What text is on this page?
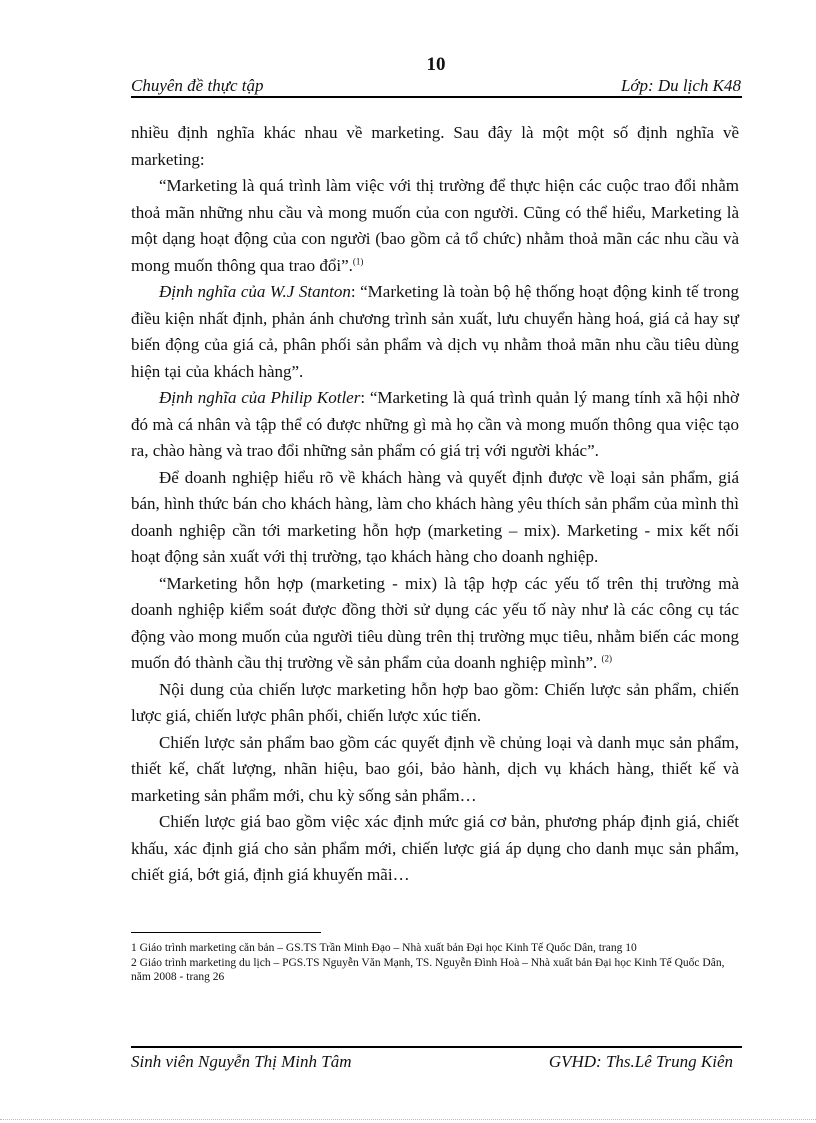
10
Chuyên đề thực tập	Lớp: Du lịch K48

nhiều định nghĩa khác nhau về marketing. Sau đây là một một số định nghĩa về marketing:

“Marketing là quá trình làm việc với thị trường để thực hiện các cuộc trao đổi nhằm thoả mãn những nhu cầu và mong muốn của con người. Cũng có thể hiểu, Marketing là một dạng hoạt động của con người (bao gồm cả tổ chức) nhằm thoả mãn các nhu cầu và mong muốn thông qua trao đổi”.$^{(1)}$

Định nghĩa của W.J Stanton: “Marketing là toàn bộ hệ thống hoạt động kinh tế trong điều kiện nhất định, phản ánh chương trình sản xuất, lưu chuyển hàng hoá, giá cả hay sự biến động của giá cả, phân phối sản phẩm và dịch vụ nhằm thoả mãn nhu cầu tiêu dùng hiện tại của khách hàng”.

Định nghĩa của Philip Kotler: “Marketing là quá trình quản lý mang tính xã hội nhờ đó mà cá nhân và tập thể có được những gì mà họ cần và mong muốn thông qua việc tạo ra, chào hàng và trao đổi những sản phẩm có giá trị với người khác”.

Để doanh nghiệp hiểu rõ về khách hàng và quyết định được về loại sản phẩm, giá bán, hình thức bán cho khách hàng, làm cho khách hàng yêu thích sản phẩm của mình thì doanh nghiệp cần tới marketing hỗn hợp (marketing – mix). Marketing - mix kết nối hoạt động sản xuất với thị trường, tạo khách hàng cho doanh nghiệp.

“Marketing hỗn hợp (marketing - mix) là tập hợp các yếu tố trên thị trường mà doanh nghiệp kiểm soát được đồng thời sử dụng các yếu tố này như là các công cụ tác động vào mong muốn của người tiêu dùng trên thị trường mục tiêu, nhằm biến các mong muốn đó thành cầu thị trường về sản phẩm của doanh nghiệp mình”. $^{(2)}$

Nội dung của chiến lược marketing hỗn hợp bao gồm: Chiến lược sản phẩm, chiến lược giá, chiến lược phân phối, chiến lược xúc tiến.

Chiến lược sản phẩm bao gồm các quyết định về chủng loại và danh mục sản phẩm, thiết kế, chất lượng, nhãn hiệu, bao gói, bảo hành, dịch vụ khách hàng, thiết kế và marketing sản phẩm mới, chu kỳ sống sản phẩm…

Chiến lược giá bao gồm việc xác định mức giá cơ bản, phương pháp định giá, chiết khấu, xác định giá cho sản phẩm mới, chiến lược giá áp dụng cho danh mục sản phẩm, chiết giá, bớt giá, định giá khuyến mãi…

1 Giáo trình marketing căn bản – GS.TS Trần Minh Đạo – Nhà xuất bản Đại học Kinh Tế Quốc Dân, trang 10

2 Giáo trình marketing du lịch – PGS.TS Nguyễn Văn Mạnh, TS. Nguyễn Đình Hoà – Nhà xuất bản Đại học Kinh Tế Quốc Dân, năm 2008 - trang 26

Sinh viên Nguyễn Thị Minh Tâm	GVHD: Ths.Lê Trung Kiên
